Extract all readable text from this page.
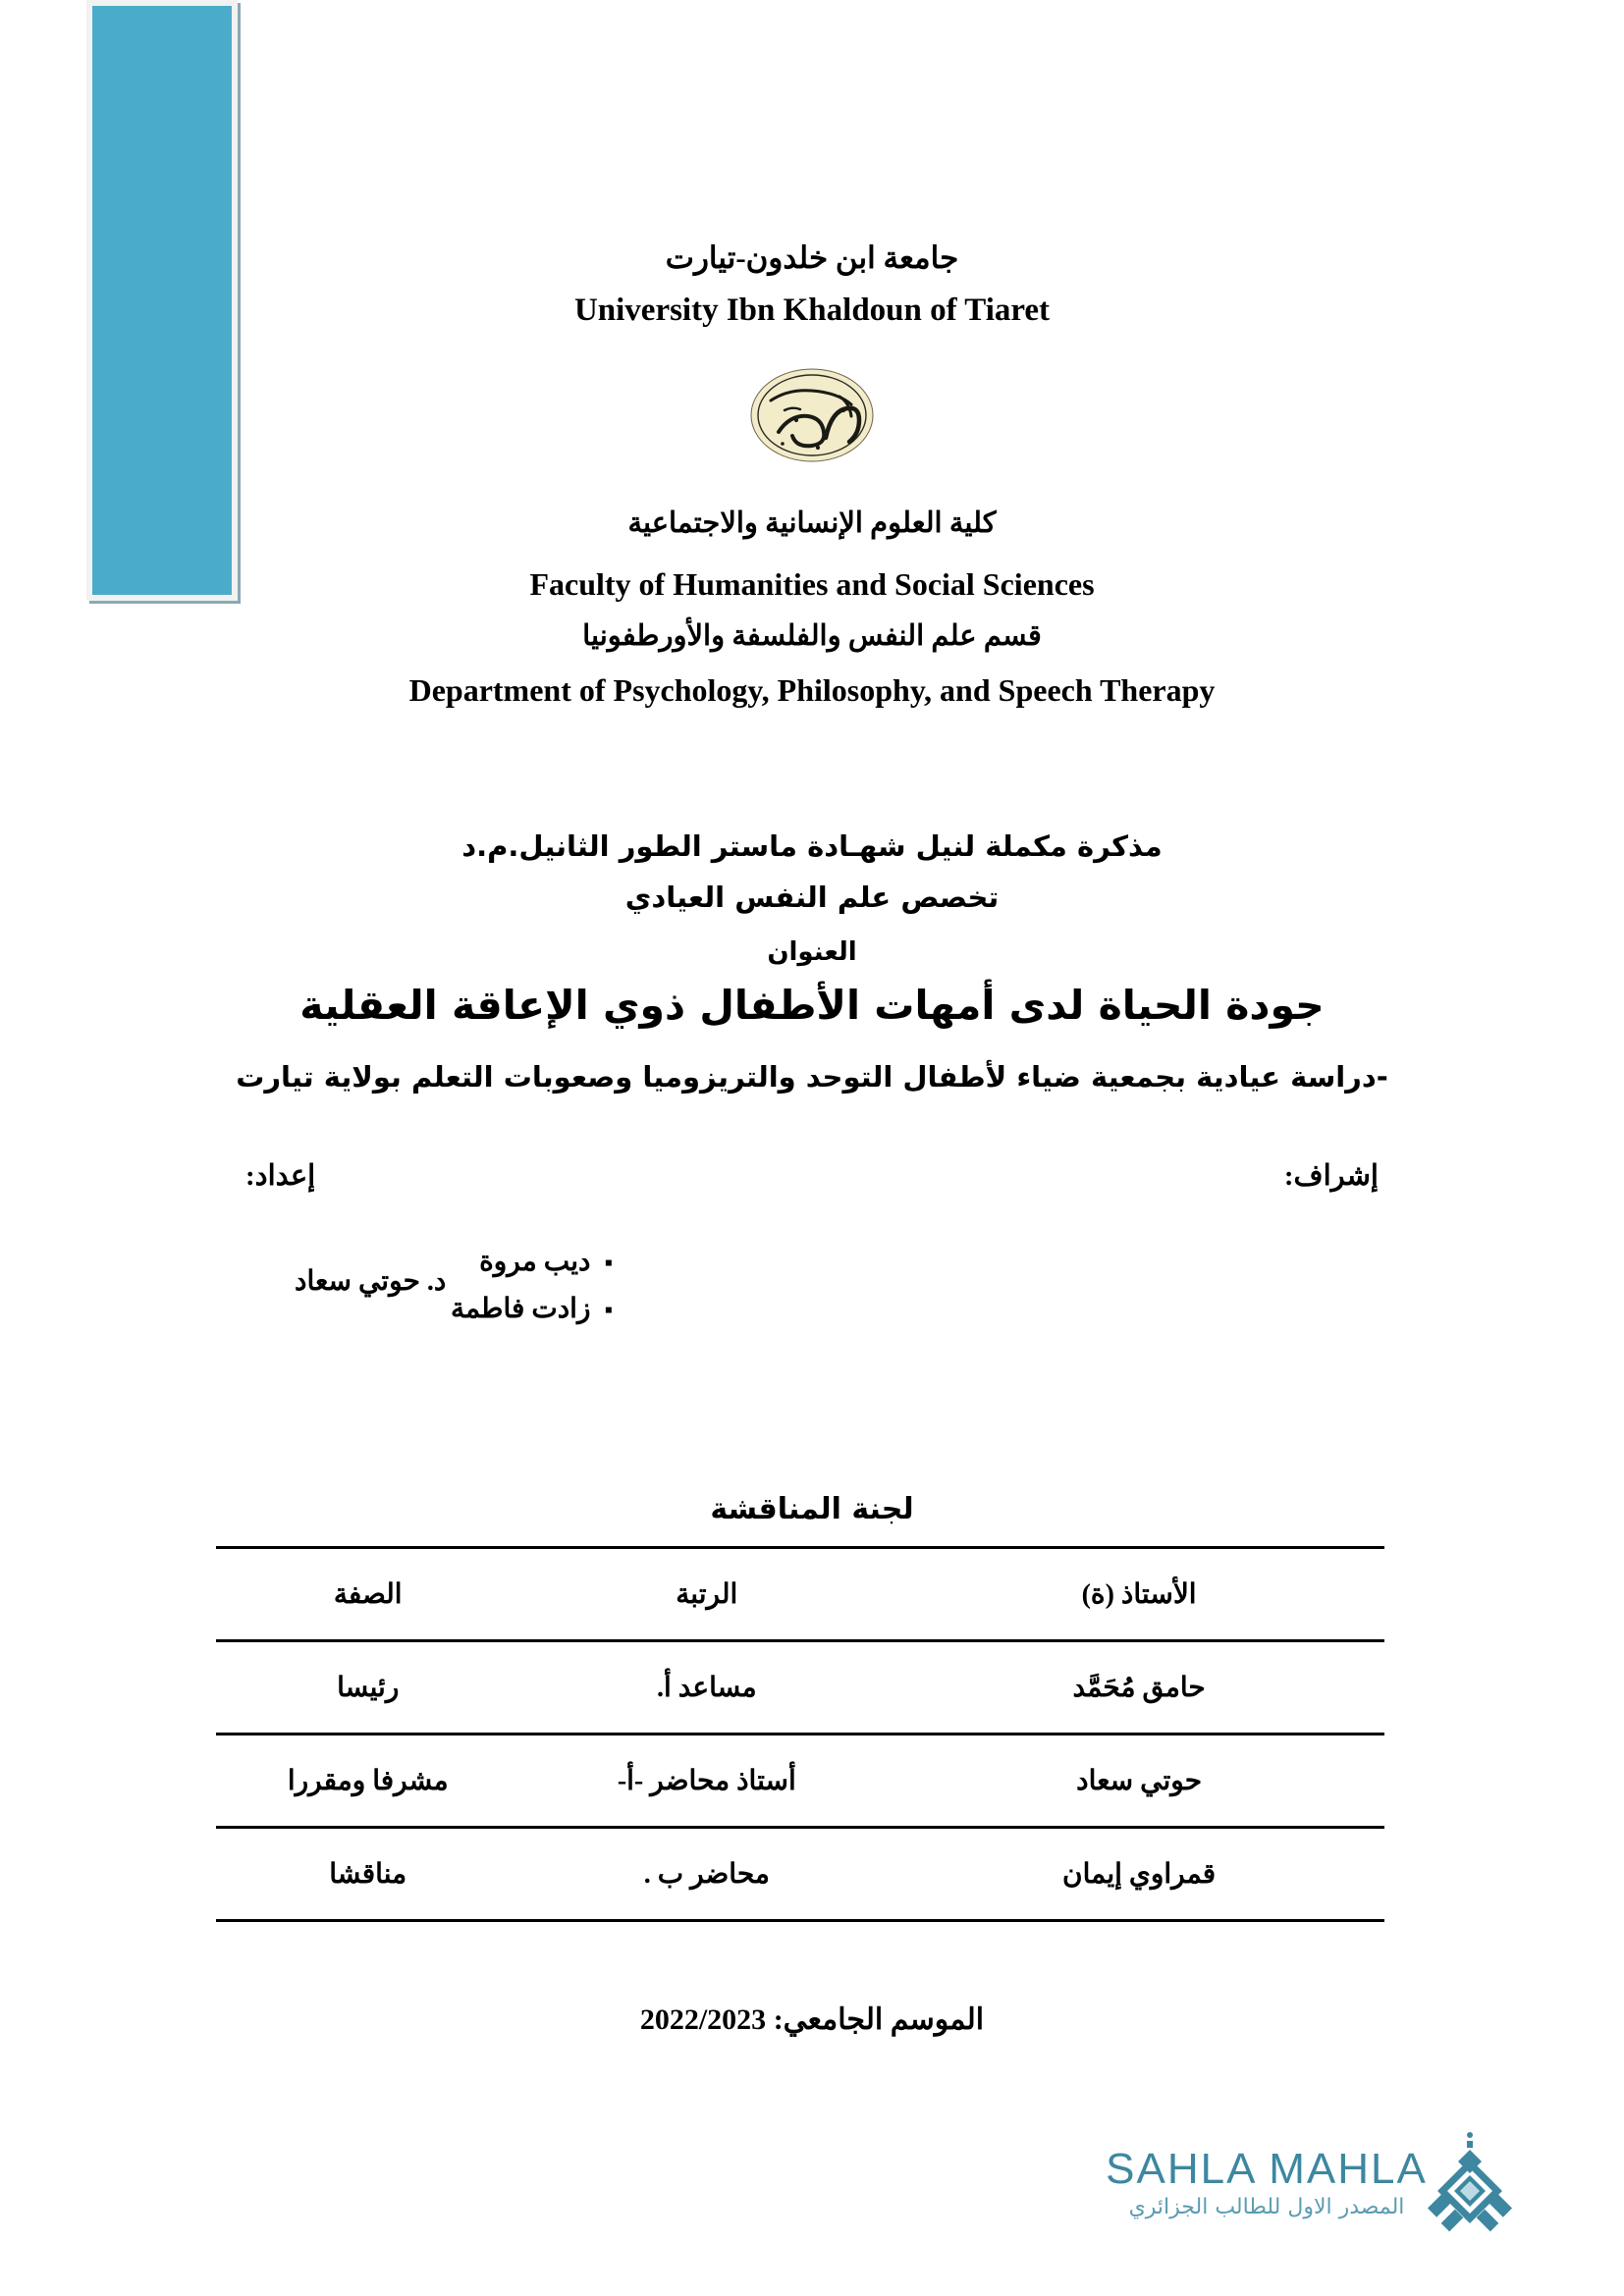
جامعة ابن خلدون-تيارت
University Ibn Khaldoun of Tiaret
كلية العلوم الإنسانية والاجتماعية
Faculty of Humanities and Social Sciences
قسم علم النفس والفلسفة والأورطفونيا
Department of Psychology, Philosophy, and Speech Therapy
مذكرة مكملة لنيل شهـادة ماستر الطور الثانيل.م.د
تخصص علم النفس العيادي
العنوان
جودة الحياة لدى أمهات الأطفال ذوي الإعاقة العقلية
-دراسة عيادية بجمعية ضياء لأطفال التوحد والتريزوميا وصعوبات التعلم بولاية تيارت
إعداد:	إشراف:
▪ ديب مروة
▪ زادت فاطمة
د. حوتي سعاد
لجنة المناقشة
الأستاذ (ة)	الرتبة	الصفة
حامق مُحَمَّد	مساعد أ.	رئيسا
حوتي سعاد	أستاذ محاضر -أ-	مشرفا ومقررا
قمراوي إيمان	محاضر ب .	مناقشا
الموسم الجامعي: 2022/2023
SAHLA MAHLA
المصدر الاول للطالب الجزائري
